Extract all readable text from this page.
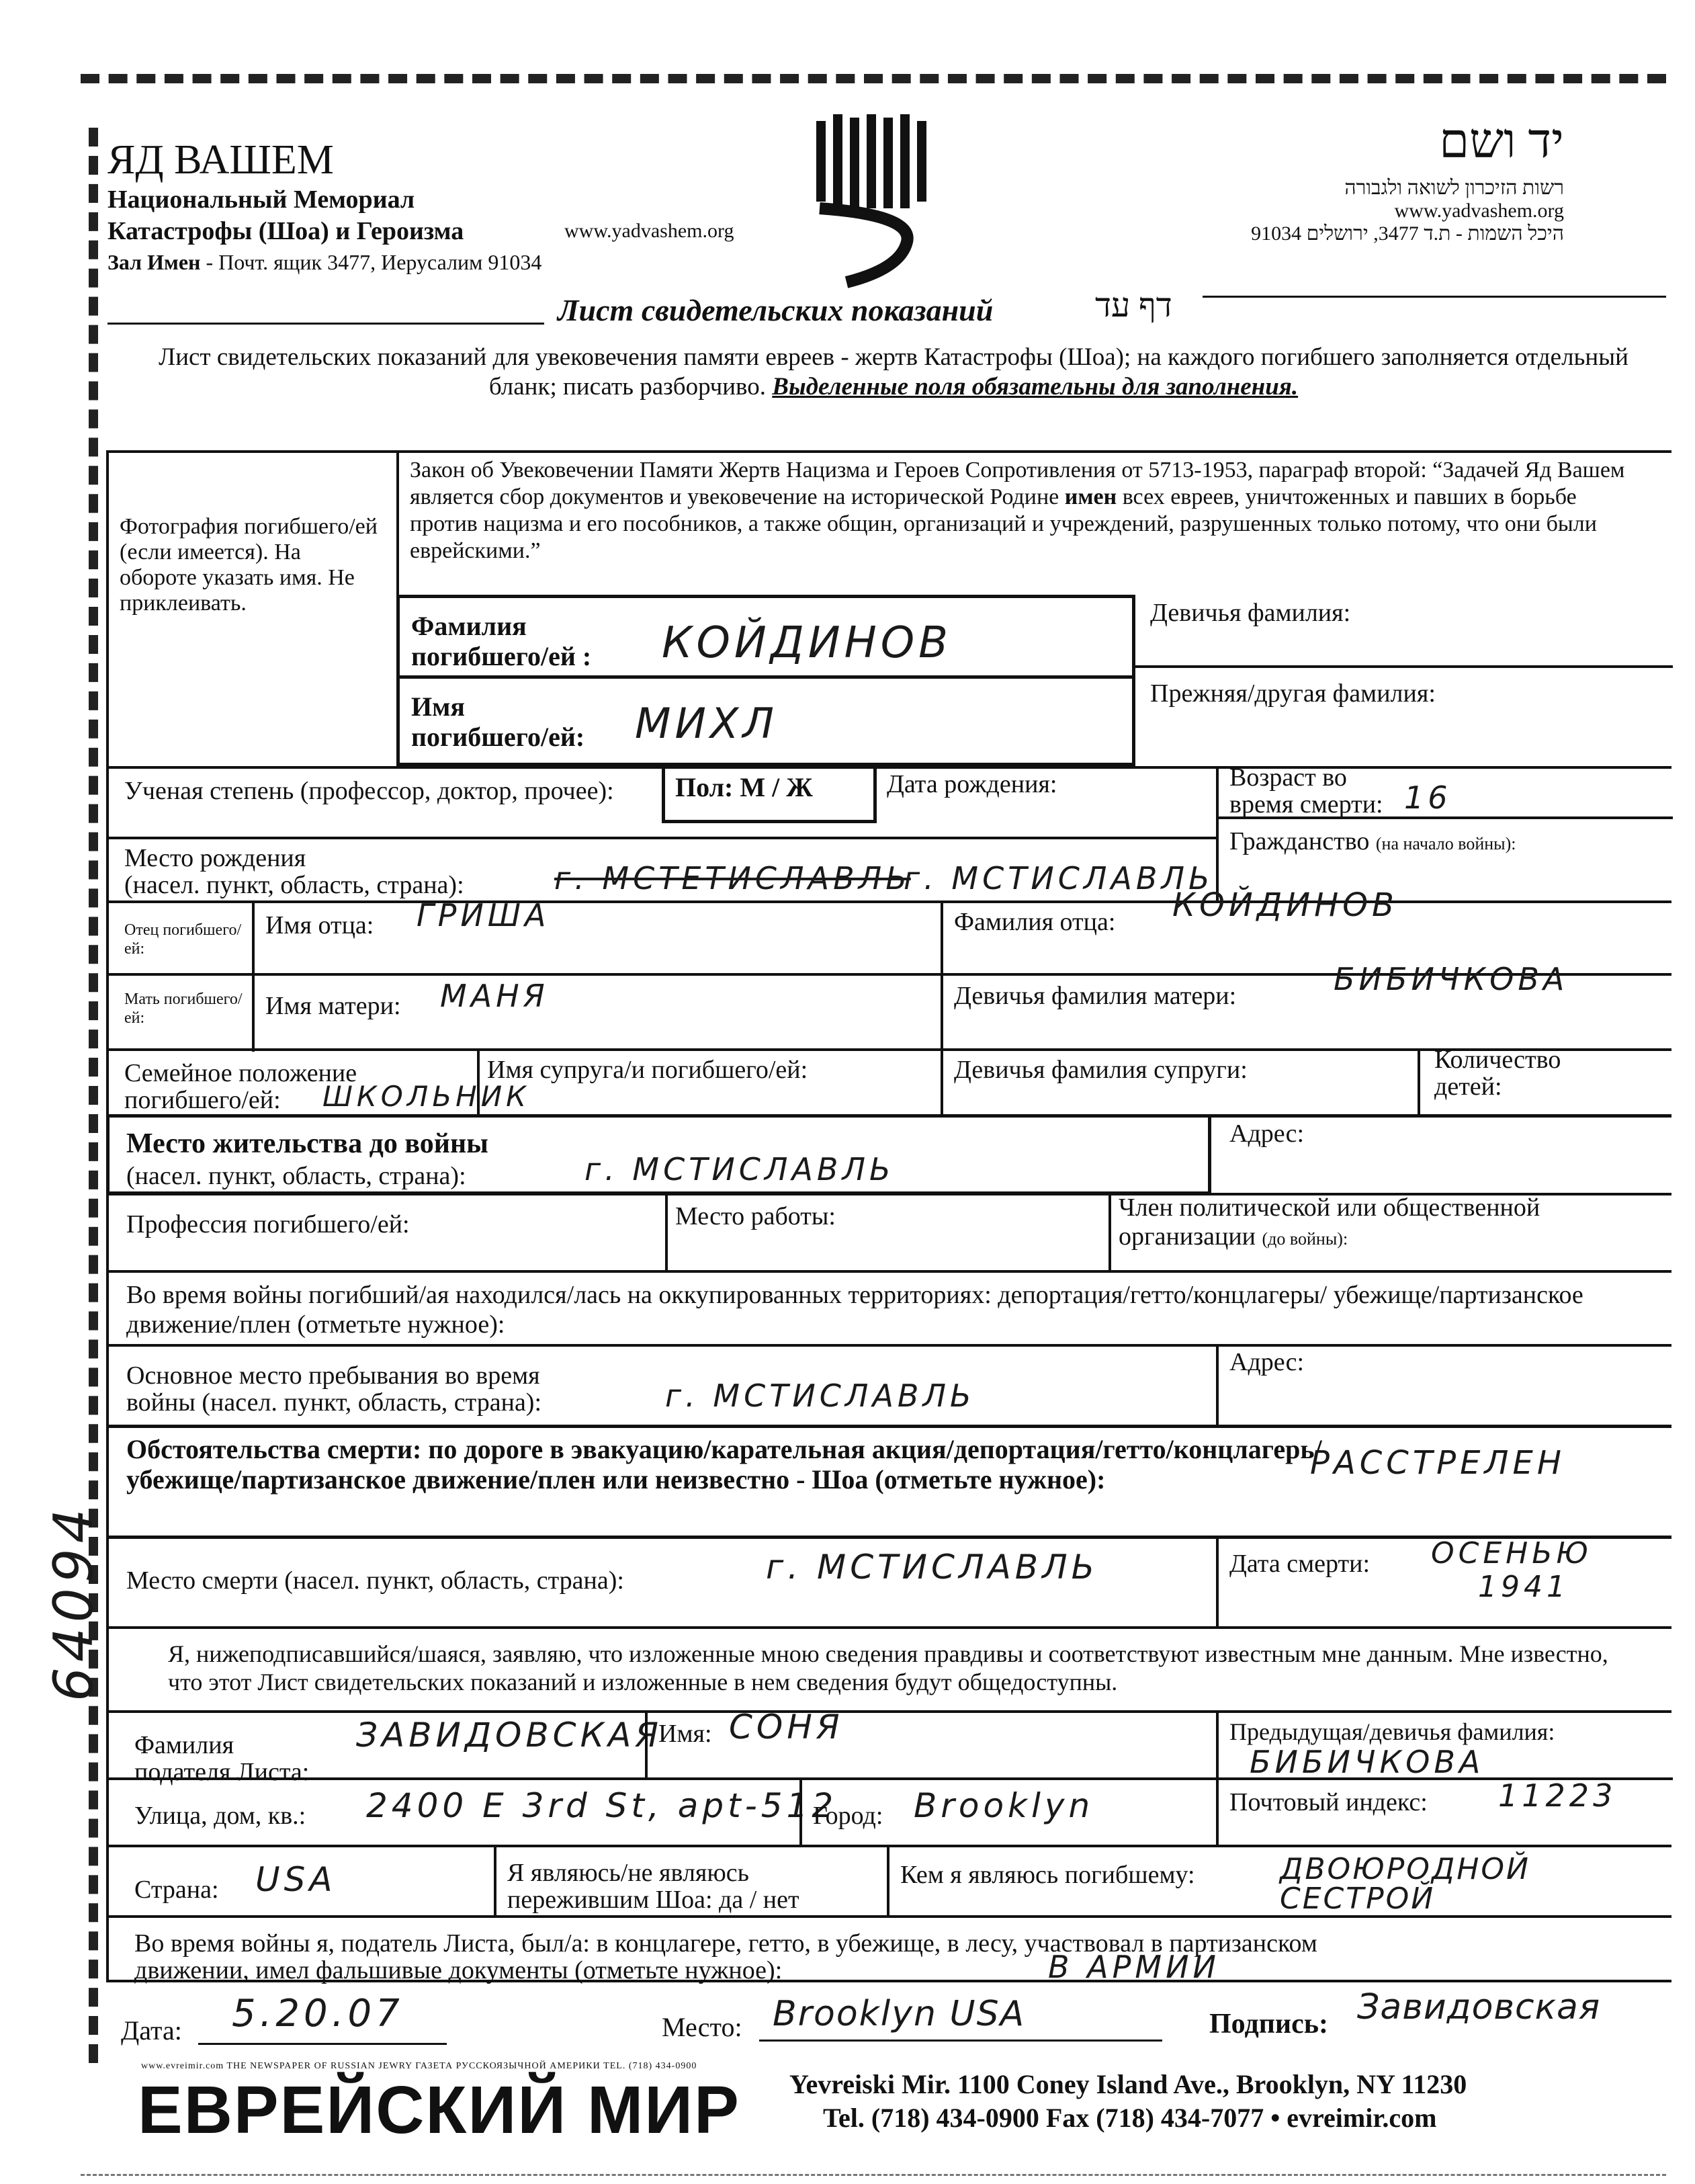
ЯД ВАШЕМ
Национальный Мемориал
Катастрофы (Шоа) и Героизма	www.yadvashem.org
Зал Имен - Почт. ящик 3477, Иерусалим 91034
יד ושם
רשות הזיכרון לשואה ולגבורה
www.yadvashem.org
היכל השמות - ת.ד 3477, ירושלים 91034
Лист свидетельских показаний	דף עד
Лист свидетельских показаний для увековечения памяти евреев - жертв Катастрофы (Шоа); на каждого погибшего заполняется отдельный бланк; писать разборчиво. Выделенные поля обязательны для заполнения.
Фотография погибшего/ей (если имеется). На обороте указать имя. Не приклеивать.
Закон об Увековечении Памяти Жертв Нацизма и Героев Сопротивления от 5713-1953, параграф второй: “Задачей Яд Вашем является сбор документов и увековечение на исторической Родине имен всех евреев, уничтоженных и павших в борьбе против нацизма и его пособников, а также общин, организаций и учреждений, разрушенных только потому, что они были еврейскими.”
Фамилия
погибшего/ей : КОЙДИНОВ
Девичья фамилия:
Имя
погибшего/ей: МИХЛ
Прежняя/другая фамилия:
Ученая степень (профессор, доктор, прочее):	Пол: М / Ж	Дата рождения:	Возраст во
время смерти: 16
Место рождения
(насел. пункт, область, страна):	г. МСТЕТИСЛАВЛЬ
г. МСТИСЛАВЛЬ
Гражданство (на начало войны):
Отец погибшего/ей:
Имя отца: ГРИША	Фамилия отца: КОЙДИНОВ
Мать погибшего/ей:	Имя матери: МАНЯ	Девичья фамилия матери:	БИБИЧКОВА
Семейное положение
погибшего/ей: ШКОЛЬНИК
Имя супруга/и погибшего/ей:	Девичья фамилия супруги:	Количество
детей:
Место жительства до войны
(насел. пункт, область, страна):	г. МСТИСЛАВЛЬ
Адрес:
Профессия погибшего/ей:	Место работы:	Член политической или общественной
организации (до войны):
Во время войны погибший/ая находился/лась на оккупированных территориях: депортация/гетто/концлагеры/ убежище/партизанское движение/плен (отметьте нужное):
Основное место пребывания во время
войны (насел. пункт, область, страна):	г. МСТИСЛАВЛЬ
Адрес:
Обстоятельства смерти: по дороге в эвакуацию/карательная акция/депортация/гетто/концлагерь/
убежище/партизанское движение/плен или неизвестно - Шоа (отметьте нужное):	РАССТРЕЛЕН
Место смерти (насел. пункт, область, страна):	г. МСТИСЛАВЛЬ	Дата смерти: ОСЕНЬЮ
1941
Я, нижеподписавшийся/шаяся, заявляю, что изложенные мною сведения правдивы и соответствуют известным мне данным. Мне известно, что этот Лист свидетельских показаний и изложенные в нем сведения будут общедоступны.
Фамилия
подателя Листа:
ЗАВИДОВСКАЯ
Имя: СОНЯ	Предыдущая/девичья фамилия:
БИБИЧКОВА
Улица, дом, кв.: 2400 E 3rd St, apt-512
Город: Brooklyn	Почтовый индекс: 11223
Страна: USA	Я являюсь/не являюсь
пережившим Шоа: да / нет
Кем я являюсь погибшему:	ДВОЮРОДНОЙ СЕСТРОЙ
Во время войны я, податель Листа, был/а: в концлагере, гетто, в убежище, в лесу, участвовал в партизанском
движении, имел фальшивые документы (отметьте нужное):	В АРМИИ
Дата: 5.20.07	Место: Brooklyn USA	Подпись: Завидовская
64094
www.evreimir.com THE NEWSPAPER OF RUSSIAN JEWRY ГАЗЕТА РУССКОЯЗЫЧНОЙ АМЕРИКИ TEL. (718) 434-0900
ЕВРЕЙСКИЙ МИР Yevreiski Mir. 1100 Coney Island Ave., Brooklyn, NY 11230
Tel. (718) 434-0900 Fax (718) 434-7077 • evreimir.com
